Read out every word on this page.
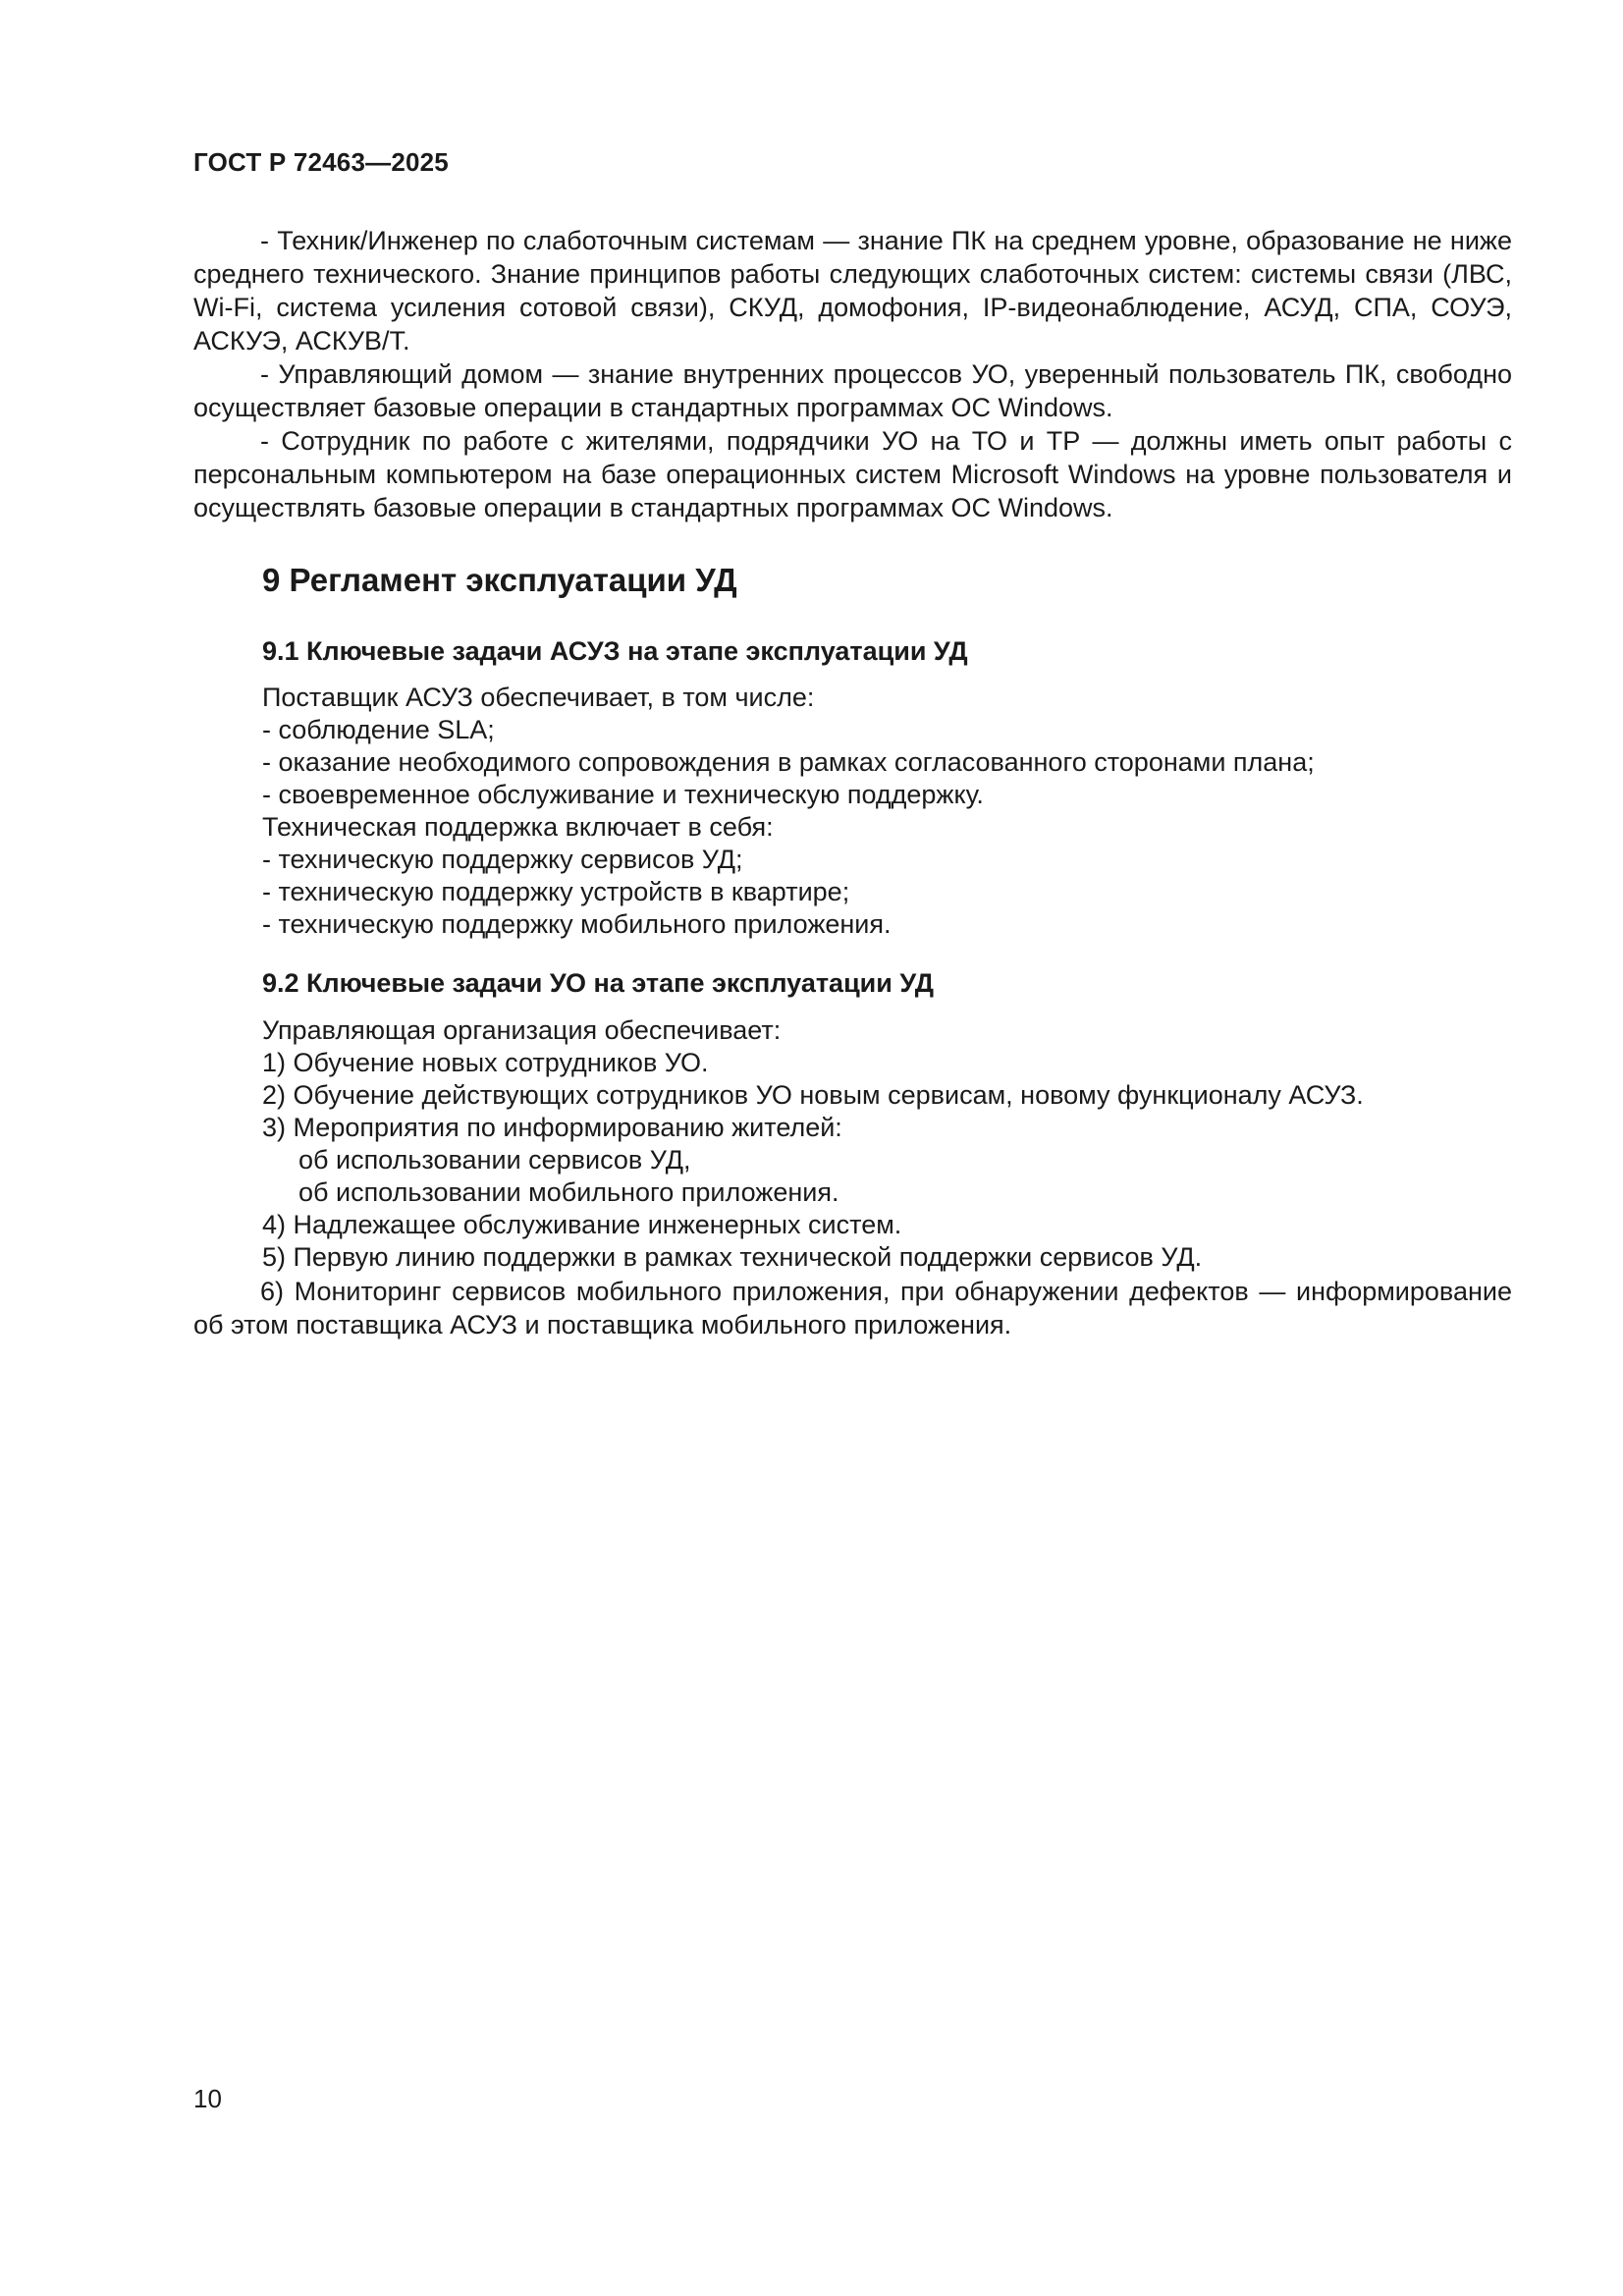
ГОСТ Р 72463—2025

- Техник/Инженер по слаботочным системам — знание ПК на среднем уровне, образование не ниже среднего технического. Знание принципов работы следующих слаботочных систем: системы связи (ЛВС, Wi-Fi, система усиления сотовой связи), СКУД, домофония, IP-видеонаблюдение, АСУД, СПА, СОУЭ, АСКУЭ, АСКУВ/Т.

- Управляющий домом — знание внутренних процессов УО, уверенный пользователь ПК, свободно осуществляет базовые операции в стандартных программах ОС Windows.

- Сотрудник по работе с жителями, подрядчики УО на ТО и ТР — должны иметь опыт работы с персональным компьютером на базе операционных систем Microsoft Windows на уровне пользователя и осуществлять базовые операции в стандартных программах ОС Windows.

9 Регламент эксплуатации УД
9.1 Ключевые задачи АСУЗ на этапе эксплуатации УД
Поставщик АСУЗ обеспечивает, в том числе:
- соблюдение SLA;
- оказание необходимого сопровождения в рамках согласованного сторонами плана;
- своевременное обслуживание и техническую поддержку.
Техническая поддержка включает в себя:
- техническую поддержку сервисов УД;
- техническую поддержку устройств в квартире;
- техническую поддержку мобильного приложения.
9.2 Ключевые задачи УО на этапе эксплуатации УД
Управляющая организация обеспечивает:
1) Обучение новых сотрудников УО.
2) Обучение действующих сотрудников УО новым сервисам, новому функционалу АСУЗ.
3) Мероприятия по информированию жителей:
об использовании сервисов УД,
об использовании мобильного приложения.
4) Надлежащее обслуживание инженерных систем.
5) Первую линию поддержки в рамках технической поддержки сервисов УД.

6) Мониторинг сервисов мобильного приложения, при обнаружении дефектов — информирование об этом поставщика АСУЗ и поставщика мобильного приложения.

10
